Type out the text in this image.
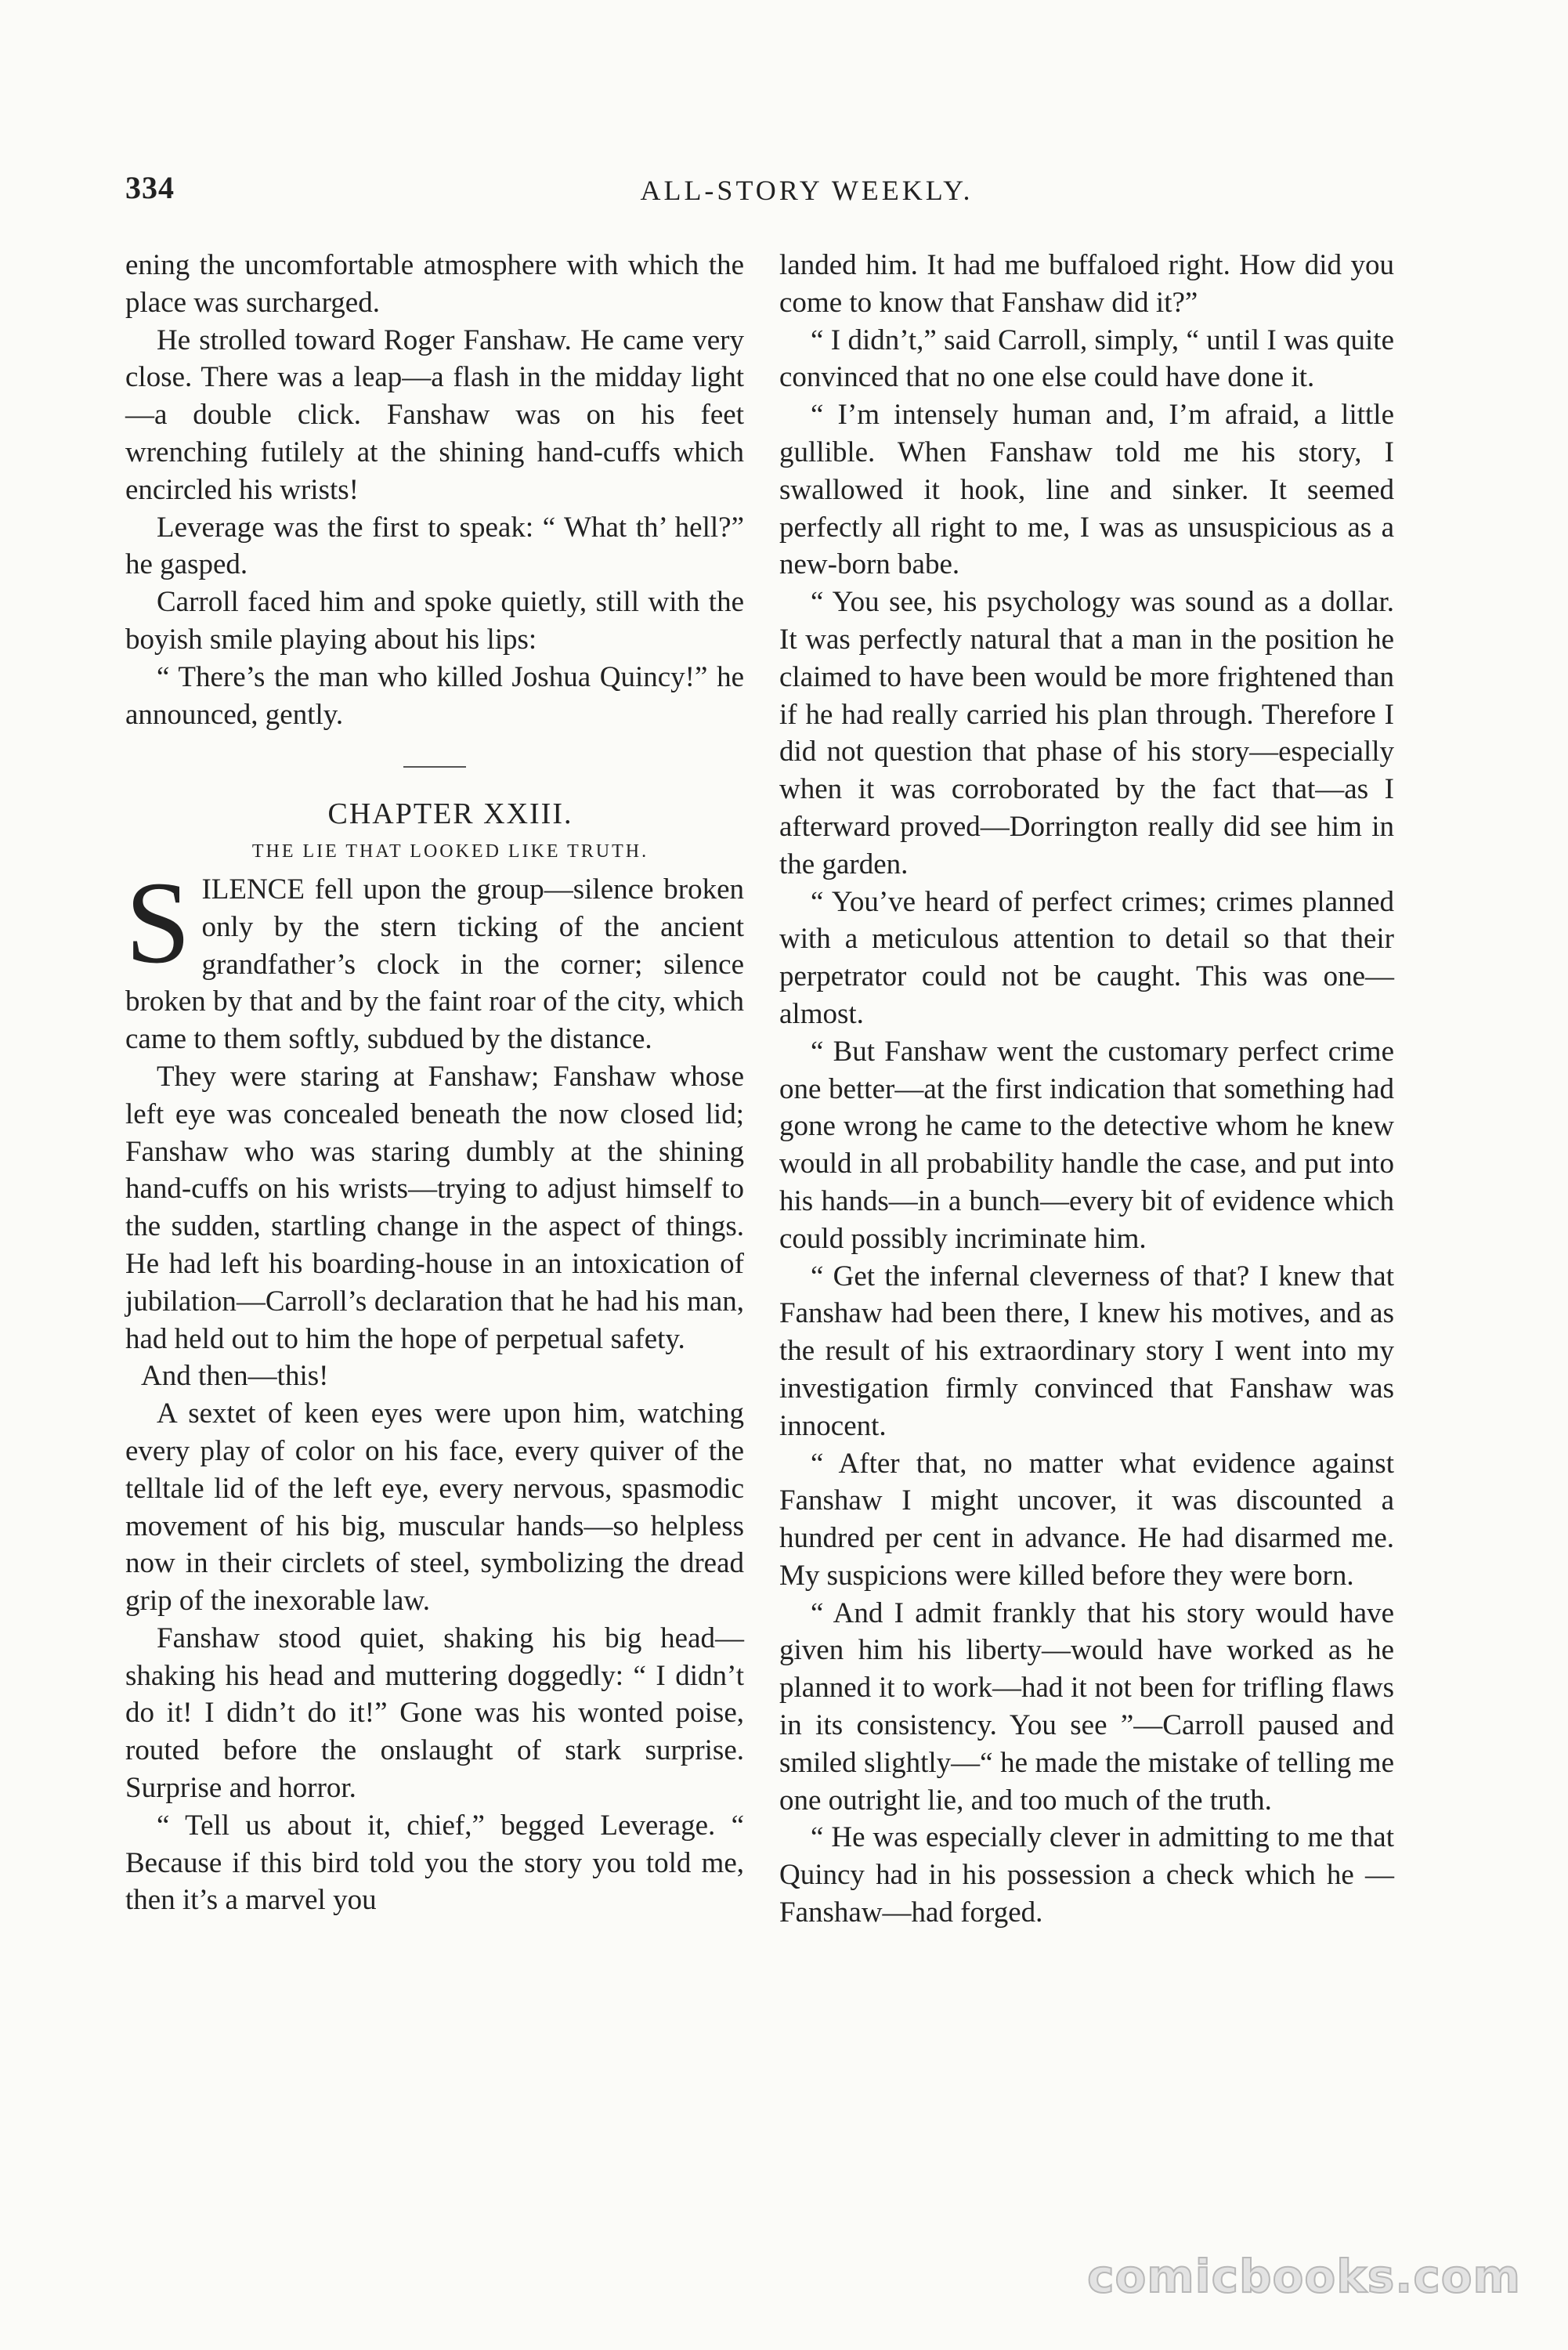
334	ALL-STORY WEEKLY.

ening the uncomfortable atmosphere with which the place was surcharged.

He strolled toward Roger Fanshaw. He came very close. There was a leap—a flash in the midday light—a double click. Fanshaw was on his feet wrenching futilely at the shining hand-cuffs which encircled his wrists!

Leverage was the first to speak: “ What th’ hell?” he gasped.

Carroll faced him and spoke quietly, still with the boyish smile playing about his lips:

“ There’s the man who killed Joshua Quincy!” he announced, gently.

CHAPTER XXIII.

THE LIE THAT LOOKED LIKE TRUTH.

SILENCE fell upon the group—silence broken only by the stern ticking of the ancient grandfather’s clock in the corner; silence broken by that and by the faint roar of the city, which came to them softly, subdued by the distance.

They were staring at Fanshaw; Fanshaw whose left eye was concealed beneath the now closed lid; Fanshaw who was staring dumbly at the shining hand-cuffs on his wrists—trying to adjust himself to the sudden, startling change in the aspect of things. He had left his boarding-house in an intoxication of jubilation—Carroll’s declaration that he had his man, had held out to him the hope of perpetual safety.

And then—this!

A sextet of keen eyes were upon him, watching every play of color on his face, every quiver of the telltale lid of the left eye, every nervous, spasmodic movement of his big, muscular hands—so helpless now in their circlets of steel, symbolizing the dread grip of the inexorable law.

Fanshaw stood quiet, shaking his big head—shaking his head and muttering doggedly: “ I didn’t do it! I didn’t do it!” Gone was his wonted poise, routed before the onslaught of stark surprise. Surprise and horror.

“ Tell us about it, chief,” begged Leverage. “ Because if this bird told you the story you told me, then it’s a marvel you

landed him. It had me buffaloed right. How did you come to know that Fanshaw did it?”

“ I didn’t,” said Carroll, simply, “ until I was quite convinced that no one else could have done it.

“ I’m intensely human and, I’m afraid, a little gullible. When Fanshaw told me his story, I swallowed it hook, line and sinker. It seemed perfectly all right to me, I was as unsuspicious as a new-born babe.

“ You see, his psychology was sound as a dollar. It was perfectly natural that a man in the position he claimed to have been would be more frightened than if he had really carried his plan through. Therefore I did not question that phase of his story—especially when it was corroborated by the fact that—as I afterward proved—Dorrington really did see him in the garden.

“ You’ve heard of perfect crimes; crimes planned with a meticulous attention to detail so that their perpetrator could not be caught. This was one—almost.

“ But Fanshaw went the customary perfect crime one better—at the first indication that something had gone wrong he came to the detective whom he knew would in all probability handle the case, and put into his hands—in a bunch—every bit of evidence which could possibly incriminate him.

“ Get the infernal cleverness of that? I knew that Fanshaw had been there, I knew his motives, and as the result of his extraordinary story I went into my investigation firmly convinced that Fanshaw was innocent.

“ After that, no matter what evidence against Fanshaw I might uncover, it was discounted a hundred per cent in advance. He had disarmed me. My suspicions were killed before they were born.

“ And I admit frankly that his story would have given him his liberty—would have worked as he planned it to work—had it not been for trifling flaws in its consistency. You see ”—Carroll paused and smiled slightly—“ he made the mistake of telling me one outright lie, and too much of the truth.

“ He was especially clever in admitting to me that Quincy had in his possession a check which he —Fanshaw—had forged.

comicbooks.com
